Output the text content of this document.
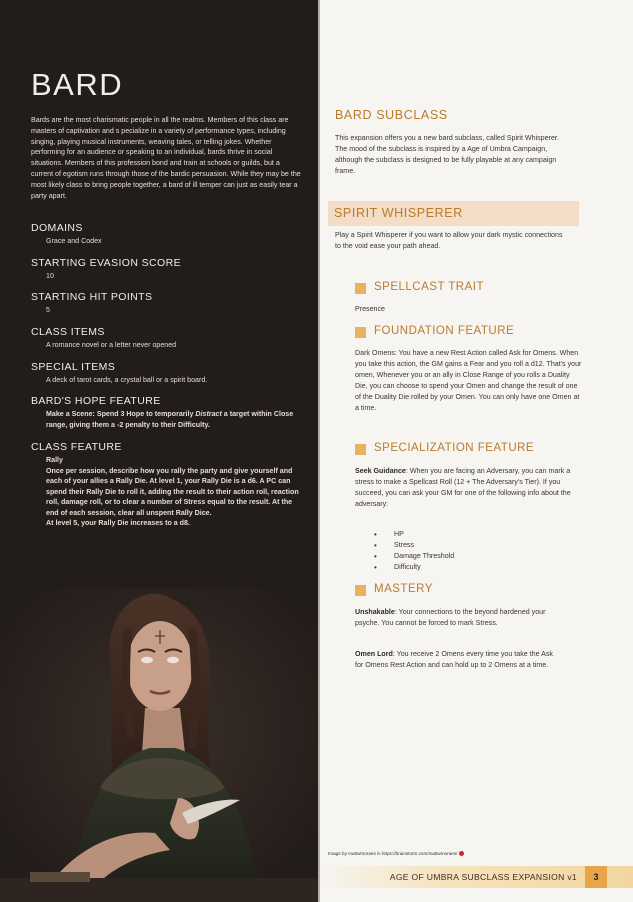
BARD
Bards are the most charismatic people in all the realms. Members of this class are masters of captivation and s pecialize in a variety of performance types, including singing, playing musical instruments, weaving tales, or telling jokes. Whether performing for an audience or speaking to an individual, bards thrive in social situations. Members of this profession bond and train at schools or guilds, but a current of egotism runs through those of the bardic persuasion. While they may be the most likely class to bring people together, a bard of ill temper can just as easily tear a party apart.
DOMAINS
Grace and Codex
STARTING EVASION SCORE
10
STARTING HIT POINTS
5
CLASS ITEMS
A romance novel or a letter never opened
SPECIAL ITEMS
A deck of tarot cards, a crystal ball or a spirit board.
BARD'S HOPE FEATURE
Make a Scene: Spend 3 Hope to temporarily Distract a target within Close range, giving them a -2 penalty to their Difficulty.
CLASS FEATURE
Rally
Once per session, describe how you rally the party and give yourself and each of your allies a Rally Die. At level 1, your Rally Die is a d6. A PC can spend their Rally Die to roll it, adding the result to their action roll, reaction roll, damage roll, or to clear a number of Stress equal to the result. At the end of each session, clear all unspent Rally Dice.
At level 5, your Rally Die increases to a d8.
BARD SUBCLASS
This expansion offers you a new bard subclass, called Spirit Whisperer. The mood of the subclass is inspired by a Age of Umbra Campaign, although the subclass is designed to be fully playable at any campaign frame.
SPIRIT WHISPERER
Play a Spirit Whisperer if you want to allow your dark mystic connections to the void ease your path ahead.
SPELLCAST TRAIT
Presence
FOUNDATION FEATURE
Dark Omens: You have a new Rest Action called Ask for Omens. When you take this action, the GM gains a Fear and you roll a d12. That's your omen, Whenever you or an ally in Close Range of you rolls a Duality Die, you can choose to spend your Omen and change the result of one of the Duality Die rolled by your Omen. You can only have one Omen at a time.
SPECIALIZATION FEATURE
Seek Guidance: When you are facing an Adversary, you can mark a stress to make a Spellcast Roll (12 + The Adversary's Tier). If you succeed, you can ask your GM for one of the following info about the adversary:
• HP
• Stress
• Damage Threshold
• Difficulty
MASTERY
Unshakable: Your connections to the beyond hardened your psyche. You cannot be forced to mark Stress.
Omen Lord: You receive 2 Omens every time you take the Ask for Omens Rest Action and can hold up to 2 Omens at a time.
Image by mattwmoraes in https://brainstorm.com/mattwmoraes/
AGE OF UMBRA SUBCLASS EXPANSION v1	3
